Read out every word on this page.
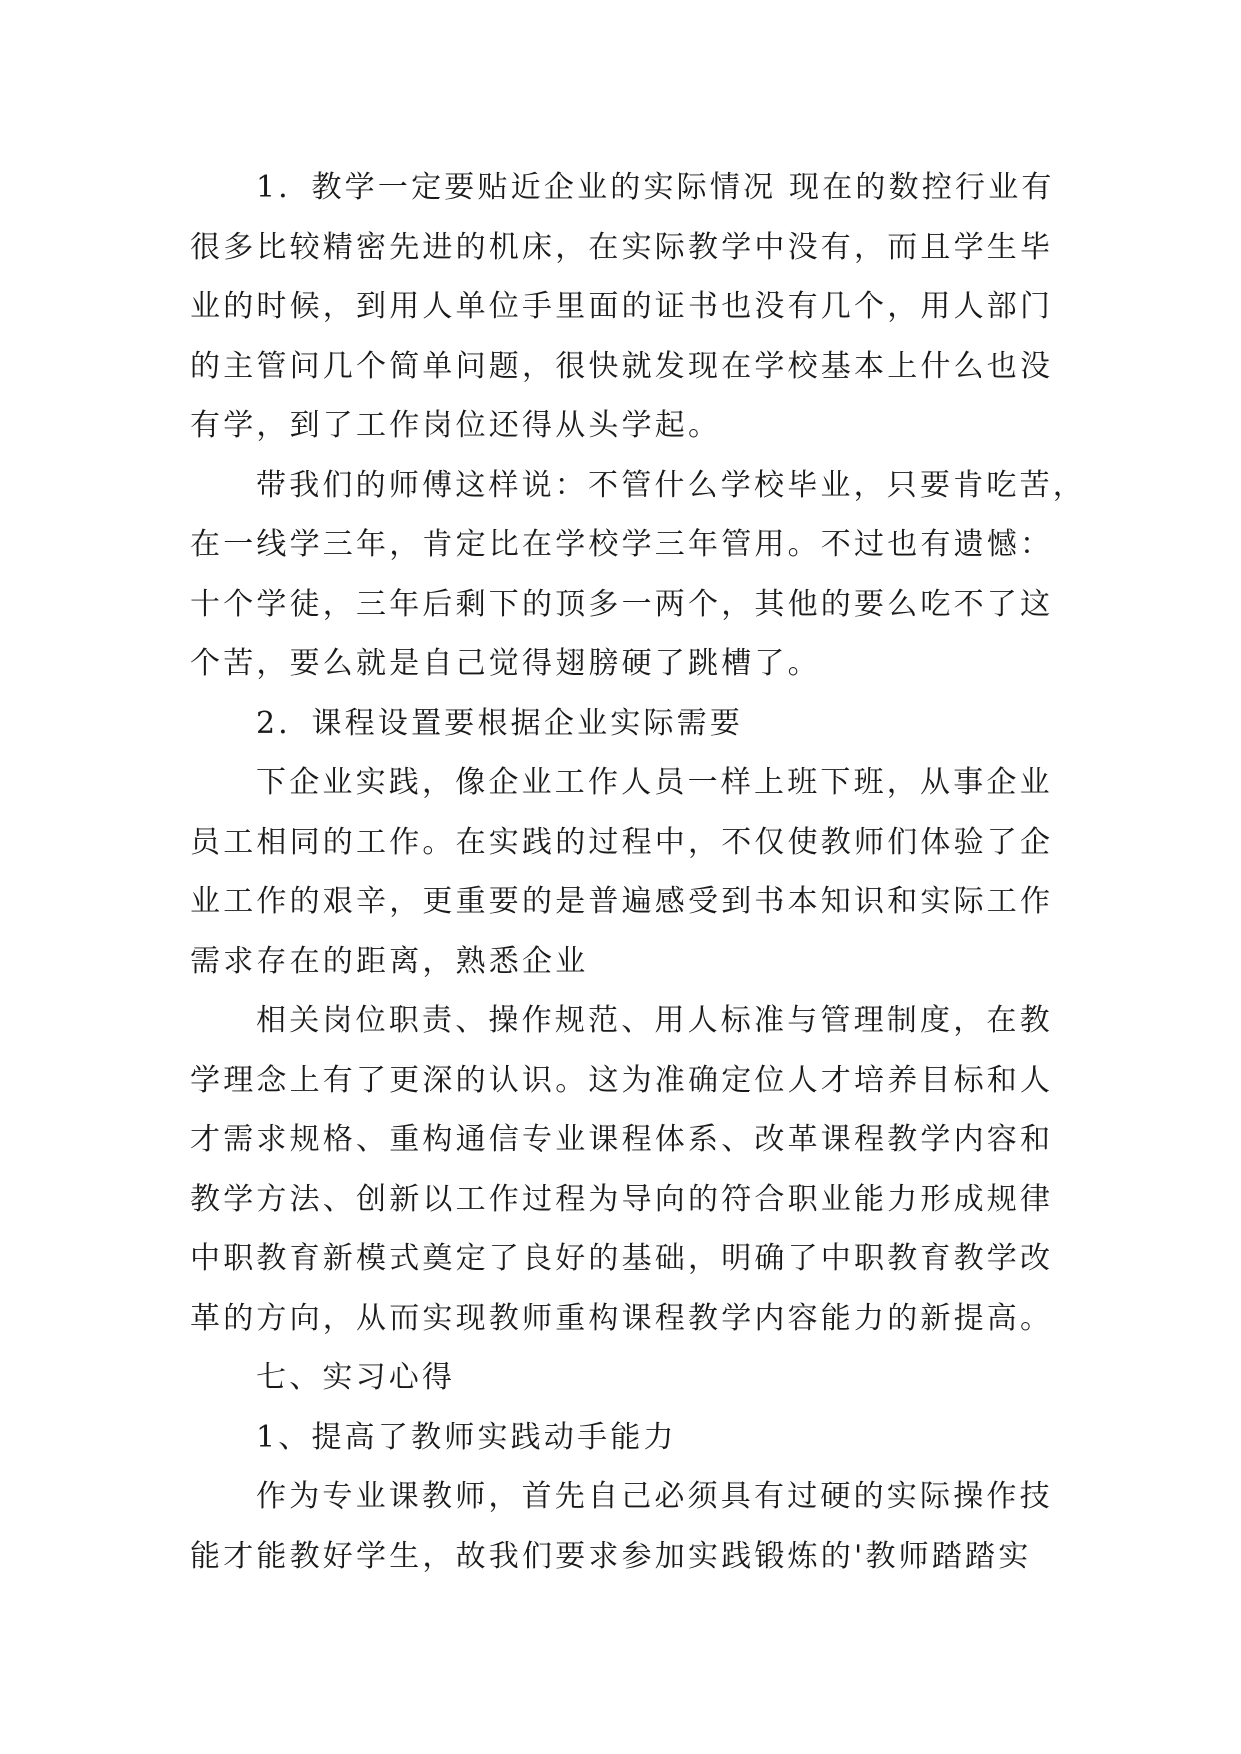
1．教学一定要贴近企业的实际情况 现在的数控行业有
很多比较精密先进的机床，在实际教学中没有，而且学生毕
业的时候，到用人单位手里面的证书也没有几个，用人部门
的主管问几个简单问题，很快就发现在学校基本上什么也没
有学，到了工作岗位还得从头学起。
带我们的师傅这样说：不管什么学校毕业，只要肯吃苦，
在一线学三年，肯定比在学校学三年管用。不过也有遗憾：
十个学徒，三年后剩下的顶多一两个，其他的要么吃不了这
个苦，要么就是自己觉得翅膀硬了跳槽了。
2．课程设置要根据企业实际需要
下企业实践，像企业工作人员一样上班下班，从事企业
员工相同的工作。在实践的过程中，不仅使教师们体验了企
业工作的艰辛，更重要的是普遍感受到书本知识和实际工作
需求存在的距离，熟悉企业
相关岗位职责、操作规范、用人标准与管理制度，在教
学理念上有了更深的认识。这为准确定位人才培养目标和人
才需求规格、重构通信专业课程体系、改革课程教学内容和
教学方法、创新以工作过程为导向的符合职业能力形成规律
中职教育新模式奠定了良好的基础，明确了中职教育教学改
革的方向，从而实现教师重构课程教学内容能力的新提高。
七、实习心得
1、提高了教师实践动手能力
作为专业课教师，首先自己必须具有过硬的实际操作技
能才能教好学生，故我们要求参加实践锻炼的'教师踏踏实
